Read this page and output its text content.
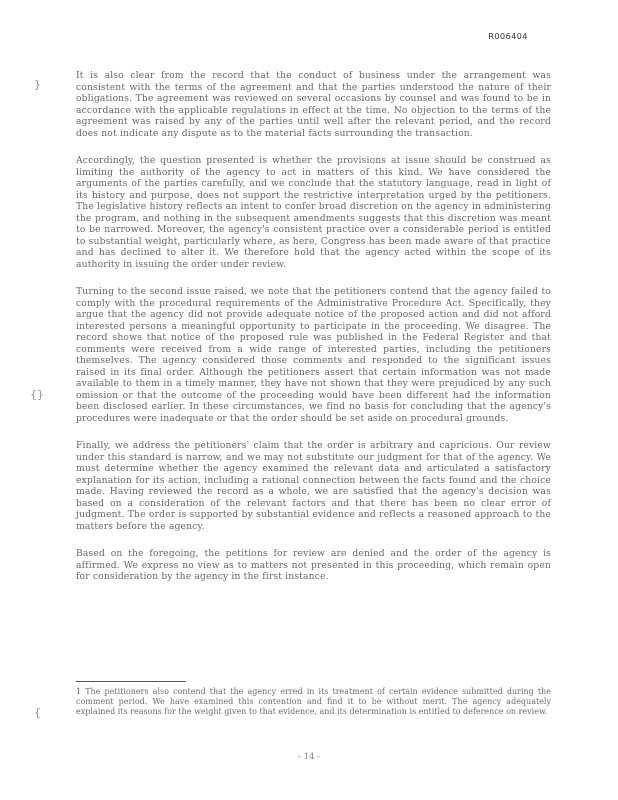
R006404
}
{}
{

It is also clear from the record that the conduct of business under the arrangement was consistent with the terms of the agreement and that the parties understood the nature of their obligations. The agreement was reviewed on several occasions by counsel and was found to be in accordance with the applicable regulations in effect at the time. No objection to the terms of the agreement was raised by any of the parties until well after the relevant period, and the record does not indicate any dispute as to the material facts surrounding the transaction.

Accordingly, the question presented is whether the provisions at issue should be construed as limiting the authority of the agency to act in matters of this kind. We have considered the arguments of the parties carefully, and we conclude that the statutory language, read in light of its history and purpose, does not support the restrictive interpretation urged by the petitioners. The legislative history reflects an intent to confer broad discretion on the agency in administering the program, and nothing in the subsequent amendments suggests that this discretion was meant to be narrowed. Moreover, the agency's consistent practice over a considerable period is entitled to substantial weight, particularly where, as here, Congress has been made aware of that practice and has declined to alter it. We therefore hold that the agency acted within the scope of its authority in issuing the order under review.

Turning to the second issue raised, we note that the petitioners contend that the agency failed to comply with the procedural requirements of the Administrative Procedure Act. Specifically, they argue that the agency did not provide adequate notice of the proposed action and did not afford interested persons a meaningful opportunity to participate in the proceeding. We disagree. The record shows that notice of the proposed rule was published in the Federal Register and that comments were received from a wide range of interested parties, including the petitioners themselves. The agency considered those comments and responded to the significant issues raised in its final order. Although the petitioners assert that certain information was not made available to them in a timely manner, they have not shown that they were prejudiced by any such omission or that the outcome of the proceeding would have been different had the information been disclosed earlier. In these circumstances, we find no basis for concluding that the agency's procedures were inadequate or that the order should be set aside on procedural grounds.

Finally, we address the petitioners' claim that the order is arbitrary and capricious. Our review under this standard is narrow, and we may not substitute our judgment for that of the agency. We must determine whether the agency examined the relevant data and articulated a satisfactory explanation for its action, including a rational connection between the facts found and the choice made. Having reviewed the record as a whole, we are satisfied that the agency's decision was based on a consideration of the relevant factors and that there has been no clear error of judgment. The order is supported by substantial evidence and reflects a reasoned approach to the matters before the agency.

Based on the foregoing, the petitions for review are denied and the order of the agency is affirmed. We express no view as to matters not presented in this proceeding, which remain open for consideration by the agency in the first instance.

1 The petitioners also contend that the agency erred in its treatment of certain evidence submitted during the comment period. We have examined this contention and find it to be without merit. The agency adequately explained its reasons for the weight given to that evidence, and its determination is entitled to deference on review.
- 14 -
